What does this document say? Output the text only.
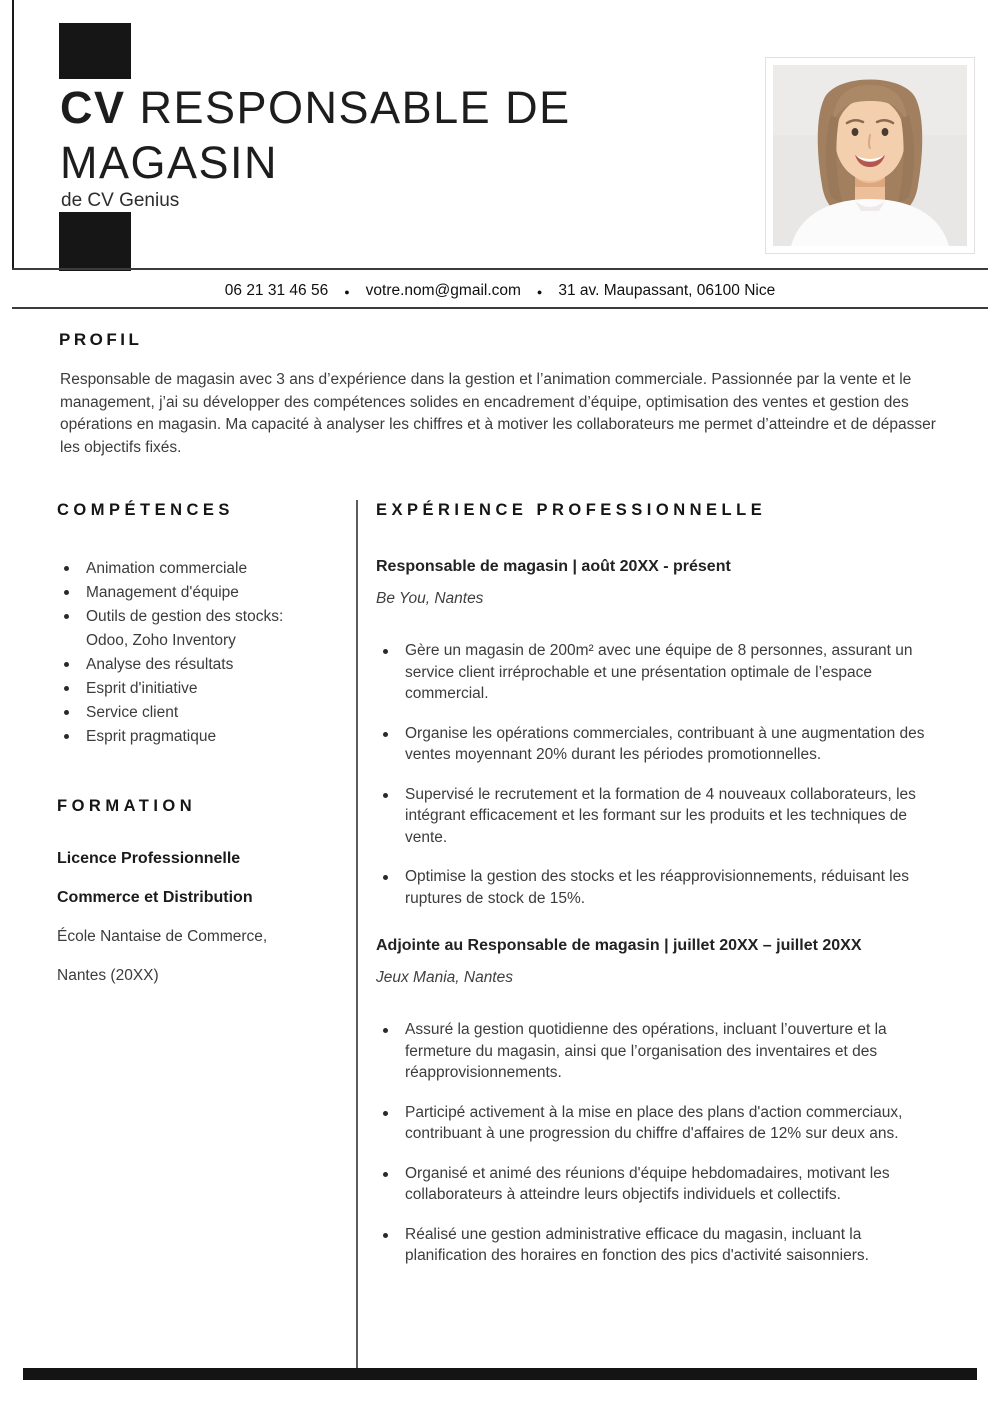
CV RESPONSABLE DE MAGASIN
de CV Genius
06 21 31 46 56 ● votre.nom@gmail.com ● 31 av. Maupassant, 06100 Nice
PROFIL

Responsable de magasin avec 3 ans d’expérience dans la gestion et l’animation commerciale. Passionnée par la vente et le management, j’ai su développer des compétences solides en encadrement d’équipe, optimisation des ventes et gestion des opérations en magasin. Ma capacité à analyser les chiffres et à motiver les collaborateurs me permet d’atteindre et de dépasser les objectifs fixés.

COMPÉTENCES
Animation commerciale
Management d'équipe
Outils de gestion des stocks: Odoo, Zoho Inventory
Analyse des résultats
Esprit d'initiative
Service client
Esprit pragmatique
FORMATION

Licence Professionnelle

Commerce et Distribution

École Nantaise de Commerce,

Nantes (20XX)

EXPÉRIENCE PROFESSIONNELLE
Responsable de magasin | août 20XX - présent

Be You, Nantes

Gère un magasin de 200m² avec une équipe de 8 personnes, assurant un service client irréprochable et une présentation optimale de l’espace commercial.
Organise les opérations commerciales, contribuant à une augmentation des ventes moyennant 20% durant les périodes promotionnelles.
Supervisé le recrutement et la formation de 4 nouveaux collaborateurs, les intégrant efficacement et les formant sur les produits et les techniques de vente.
Optimise la gestion des stocks et les réapprovisionnements, réduisant les ruptures de stock de 15%.
Adjointe au Responsable de magasin | juillet 20XX – juillet 20XX

Jeux Mania, Nantes

Assuré la gestion quotidienne des opérations, incluant l’ouverture et la fermeture du magasin, ainsi que l’organisation des inventaires et des réapprovisionnements.
Participé activement à la mise en place des plans d'action commerciaux, contribuant à une progression du chiffre d'affaires de 12% sur deux ans.
Organisé et animé des réunions d'équipe hebdomadaires, motivant les collaborateurs à atteindre leurs objectifs individuels et collectifs.
Réalisé une gestion administrative efficace du magasin, incluant la planification des horaires en fonction des pics d'activité saisonniers.
